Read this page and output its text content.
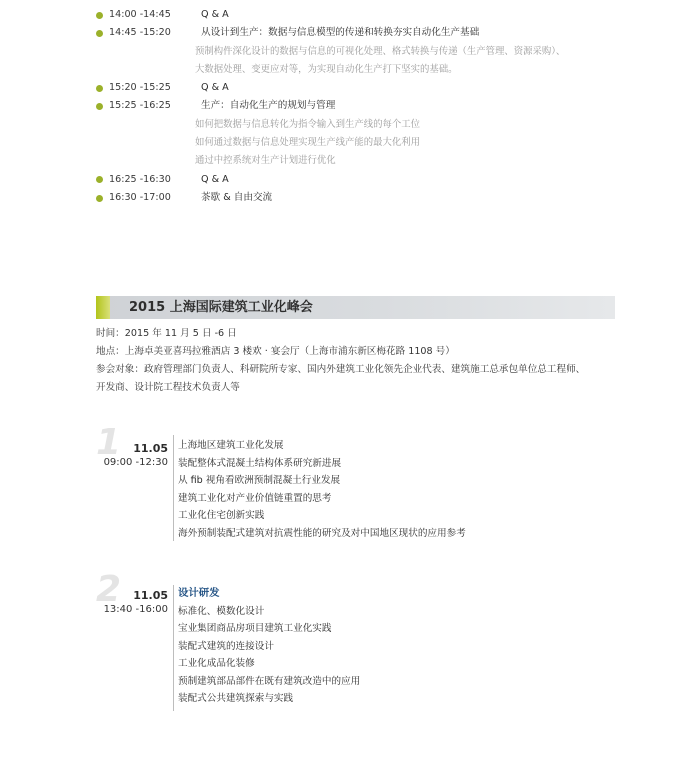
14:00 -14:45	Q & A
14:45 -15:20	从设计到生产：数据与信息模型的传递和转换夯实自动化生产基础
预制构件深化设计的数据与信息的可视化处理、格式转换与传递（生产管理、资源采购）、
大数据处理、变更应对等，为实现自动化生产打下坚实的基础。
15:20 -15:25	Q & A
15:25 -16:25	生产：自动化生产的规划与管理
如何把数据与信息转化为指令输入到生产线的每个工位
如何通过数据与信息处理实现生产线产能的最大化利用
通过中控系统对生产计划进行优化
16:25 -16:30	Q & A
16:30 -17:00	茶歇 & 自由交流
2015 上海国际建筑工业化峰会
时间：2015 年 11 月 5 日 -6 日
地点：上海卓美亚喜玛拉雅酒店 3 楼欢 · 宴会厅（上海市浦东新区梅花路 1108 号）
参会对象：政府管理部门负责人、科研院所专家、国内外建筑工业化领先企业代表、建筑施工总承包单位总工程师、
开发商、设计院工程技术负责人等
1	11.05
09:00 -12:30
上海地区建筑工业化发展
装配整体式混凝土结构体系研究新进展
从 fib 视角看欧洲预制混凝土行业发展
建筑工业化对产业价值链重置的思考
工业化住宅创新实践
海外预制装配式建筑对抗震性能的研究及对中国地区现状的应用参考
2	11.05
13:40 -16:00
设计研发
标准化、模数化设计
宝业集团商品房项目建筑工业化实践
装配式建筑的连接设计
工业化成品化装修
预制建筑部品部件在既有建筑改造中的应用
装配式公共建筑探索与实践
